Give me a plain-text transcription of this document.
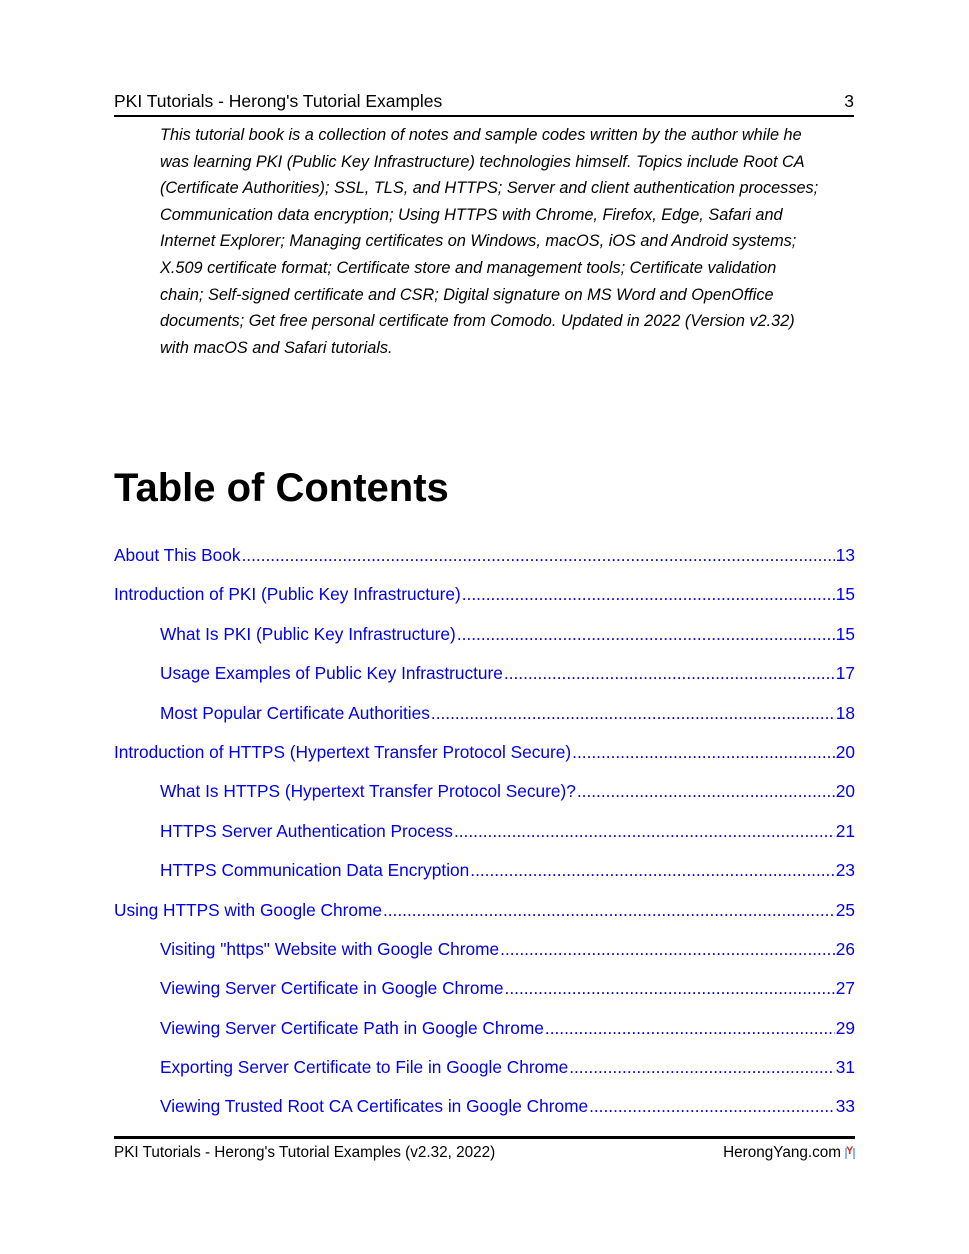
PKI Tutorials - Herong's Tutorial Examples	3
This tutorial book is a collection of notes and sample codes written by the author while he
was learning PKI (Public Key Infrastructure) technologies himself. Topics include Root CA
(Certificate Authorities); SSL, TLS, and HTTPS; Server and client authentication processes;
Communication data encryption; Using HTTPS with Chrome, Firefox, Edge, Safari and
Internet Explorer; Managing certificates on Windows, macOS, iOS and Android systems;
X.509 certificate format; Certificate store and management tools; Certificate validation
chain; Self-signed certificate and CSR; Digital signature on MS Word and OpenOffice
documents; Get free personal certificate from Comodo. Updated in 2022 (Version v2.32)
with macOS and Safari tutorials.
Table of Contents
About This Book .....	13
Introduction of PKI (Public Key Infrastructure) .....	15
What Is PKI (Public Key Infrastructure) .....	15
Usage Examples of Public Key Infrastructure .....	17
Most Popular Certificate Authorities .....	18
Introduction of HTTPS (Hypertext Transfer Protocol Secure) .....	20
What Is HTTPS (Hypertext Transfer Protocol Secure)? .....	20
HTTPS Server Authentication Process .....	21
HTTPS Communication Data Encryption .....	23
Using HTTPS with Google Chrome .....	25
Visiting "https" Website with Google Chrome .....	26
Viewing Server Certificate in Google Chrome .....	27
Viewing Server Certificate Path in Google Chrome .....	29
Exporting Server Certificate to File in Google Chrome .....	31
Viewing Trusted Root CA Certificates in Google Chrome .....	33
PKI Tutorials - Herong's Tutorial Examples (v2.32, 2022)	HerongYang.com Y
